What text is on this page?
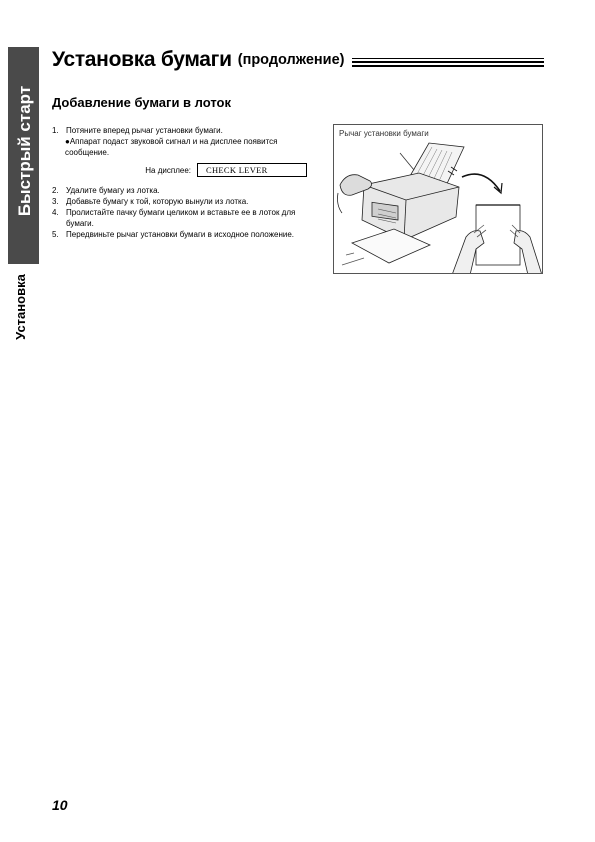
Быстрый старт
Установка
Установка бумаги (продолжение)
Добавление бумаги в лоток
1. Потяните вперед рычаг установки бумаги.
●Аппарат подаст звуковой сигнал и на дисплее появится сообщение.
На дисплее:	CHECK LEVER
2. Удалите бумагу из лотка.
3. Добавьте бумагу к той, которую вынули из лотка.
4. Пролистайте пачку бумаги целиком и вставьте ее в лоток для бумаги.
5. Передвиньте рычаг установки бумаги в исходное положение.
Рычаг установки бумаги
10
